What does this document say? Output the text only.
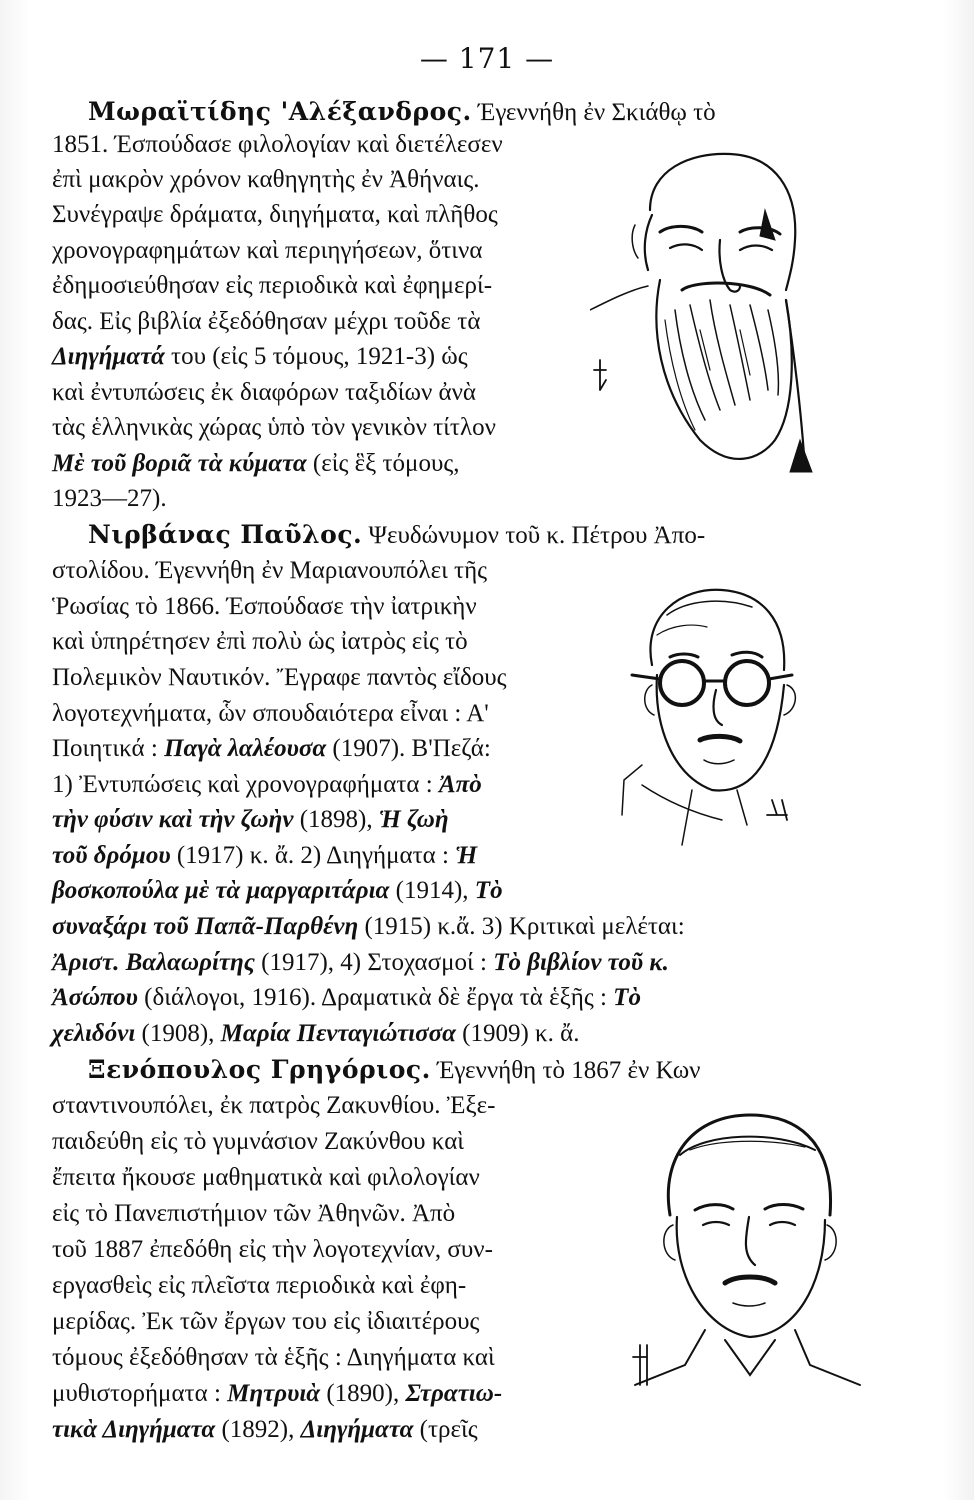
— 171 —
Μωραϊτίδης 'Αλέξανδρος. Έγεννήθη ἐν Σκιάθῳ τὸ
1851. Έσπούδασε φιλολογίαν καὶ διετέλεσεν
ἐπὶ μακρὸν χρόνον καθηγητὴς ἐν Ἀθήναις.
Συνέγραψε δράματα, διηγήματα, καὶ πλῆθος
χρονογραφημάτων καὶ περιηγήσεων, ὅτινα
ἐδημοσιεύθησαν εἰς περιοδικὰ καὶ ἐφημερί-
δας. Εἰς βιβλία ἐξεδόθησαν μέχρι τοῦδε τὰ
Διηγήματά του (εἰς 5 τόμους, 1921-3) ὡς
καὶ ἐντυπώσεις ἐκ διαφόρων ταξιδίων ἀνὰ
τὰς ἑλληνικὰς χώρας ὑπὸ τὸν γενικὸν τίτλον
Μὲ τοῦ βοριᾶ τὰ κύματα (εἰς ἓξ τόμους,
1923—27).
Νιρβάνας Παῦλος. Ψευδώνυμον τοῦ κ. Πέτρου Ἀπο-
στολίδου. Έγεννήθη ἐν Μαριανουπόλει τῆς
Ῥωσίας τὸ 1866. Έσπούδασε τὴν ἰατρικὴν
καὶ ὑπηρέτησεν ἐπὶ πολὺ ὡς ἰατρὸς εἰς τὸ
Πολεμικὸν Ναυτικόν. Ἔγραφε παντὸς εἴδους
λογοτεχνήματα, ὧν σπουδαιότερα εἶναι : Α'
Ποιητικά : Παγὰ λαλέουσα (1907). Β'Πεζά:
1) Ἐντυπώσεις καὶ χρονογραφήματα : Ἀπὸ
τὴν φύσιν καὶ τὴν ζωὴν (1898), Ἡ ζωὴ
τοῦ δρόμου (1917) κ. ἄ. 2) Διηγήματα : Ἡ
βοσκοπούλα μὲ τὰ μαργαριτάρια (1914), Τὸ
συναξάρι τοῦ Παπᾶ-Παρθένη (1915) κ.ἄ. 3) Κριτικαὶ μελέται:
Ἀριστ. Βαλαωρίτης (1917), 4) Στοχασμοί : Τὸ βιβλίον τοῦ κ.
Ἀσώπου (διάλογοι, 1916). Δραματικὰ δὲ ἔργα τὰ ἑξῆς : Τὸ
χελιδόνι (1908), Μαρία Πενταγιώτισσα (1909) κ. ἄ.
Ξενόπουλος Γρηγόριος. Έγεννήθη τὸ 1867 ἐν Κων
σταντινουπόλει, ἐκ πατρὸς Ζακυνθίου. Ἐξε-
παιδεύθη εἰς τὸ γυμνάσιον Ζακύνθου καὶ
ἔπειτα ἤκουσε μαθηματικὰ καὶ φιλολογίαν
εἰς τὸ Πανεπιστήμιον τῶν Ἀθηνῶν. Ἀπὸ
τοῦ 1887 ἐπεδόθη εἰς τὴν λογοτεχνίαν, συν-
εργασθεὶς εἰς πλεῖστα περιοδικὰ καὶ ἐφη-
μερίδας. Ἐκ τῶν ἔργων του εἰς ἰδιαιτέρους
τόμους ἐξεδόθησαν τὰ ἑξῆς : Διηγήματα καὶ
μυθιστορήματα : Μητρυιὰ (1890), Στρατιω-
τικὰ Διηγήματα (1892), Διηγήματα (τρεῖς
